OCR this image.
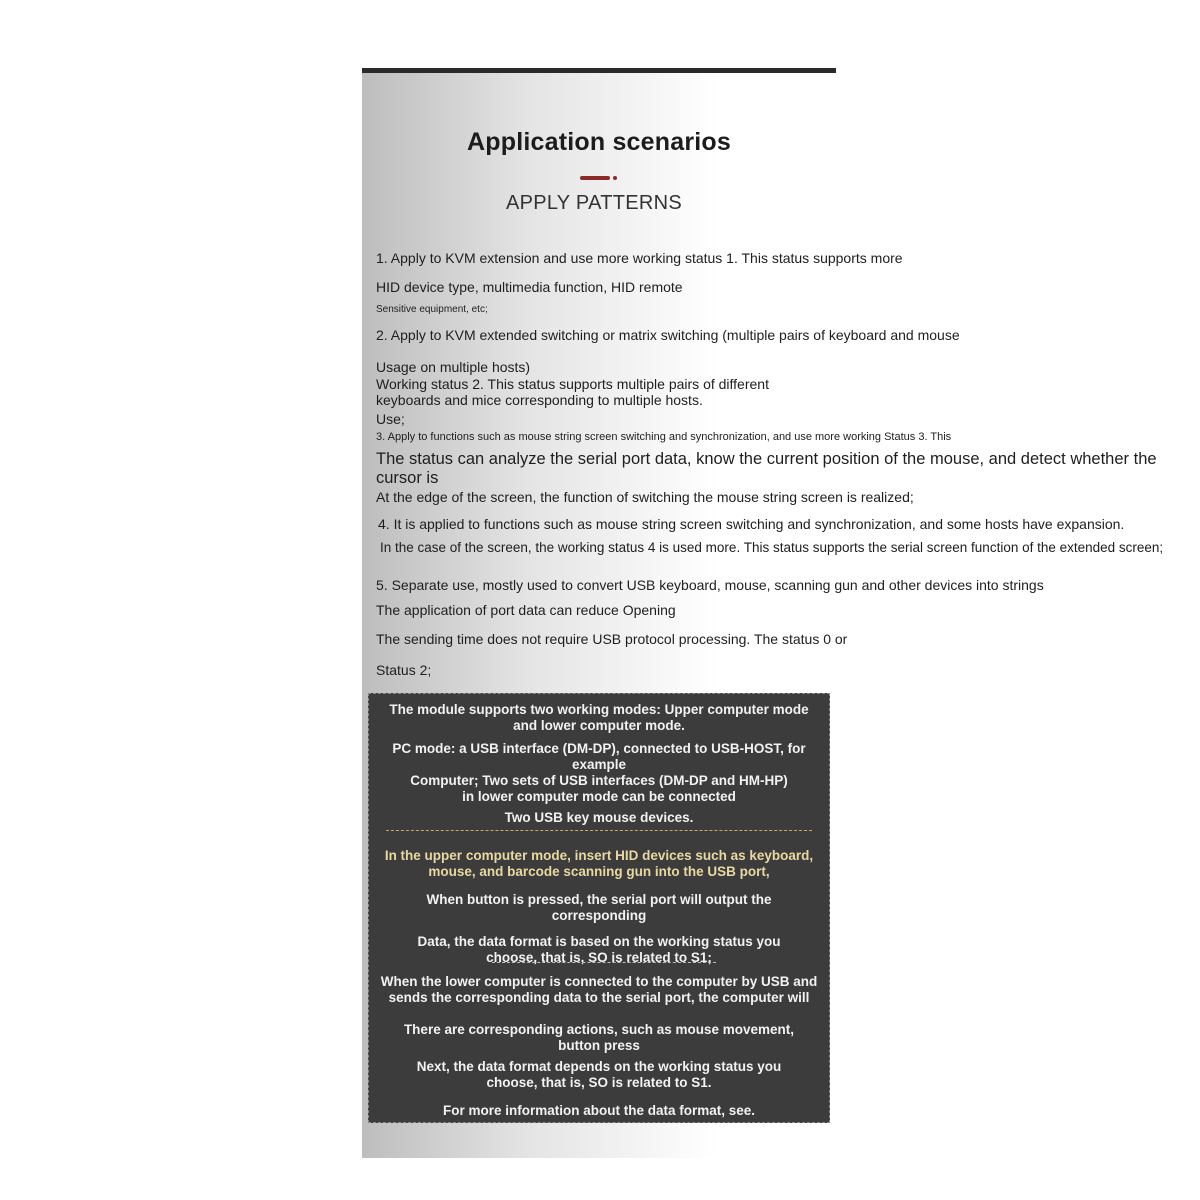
Application scenarios
APPLY PATTERNS

1. Apply to KVM extension and use more working status 1. This status supports more

HID device type, multimedia function, HID remote

Sensitive equipment, etc;

2. Apply to KVM extended switching or matrix switching (multiple pairs of keyboard and mouse

Usage on multiple hosts)

Working status 2. This status supports multiple pairs of different

keyboards and mice corresponding to multiple hosts.

Use;

3. Apply to functions such as mouse string screen switching and synchronization, and use more working Status 3. This

The status can analyze the serial port data, know the current position of the mouse, and detect whether the cursor is

At the edge of the screen, the function of switching the mouse string screen is realized;

4. It is applied to functions such as mouse string screen switching and synchronization, and some hosts have expansion.

In the case of the screen, the working status 4 is used more. This status supports the serial screen function of the extended screen;

5. Separate use, mostly used to convert USB keyboard, mouse, scanning gun and other devices into strings

The application of port data can reduce Opening

The sending time does not require USB protocol processing. The status 0 or

Status 2;

The module supports two working modes: Upper computer mode and lower computer mode.
PC mode: a USB interface (DM-DP), connected to USB-HOST, for example
Computer; Two sets of USB interfaces (DM-DP and HM-HP) in lower computer mode can be connected
Two USB key mouse devices.
In the upper computer mode, insert HID devices such as keyboard, mouse, and barcode scanning gun into the USB port,
When button is pressed, the serial port will output the corresponding
Data, the data format is based on the working status you choose, that is, SO is related to S1;
When the lower computer is connected to the computer by USB and sends the corresponding data to the serial port, the computer will
There are corresponding actions, such as mouse movement, button press
Next, the data format depends on the working status you choose, that is, SO is related to S1.
For more information about the data format, see.
